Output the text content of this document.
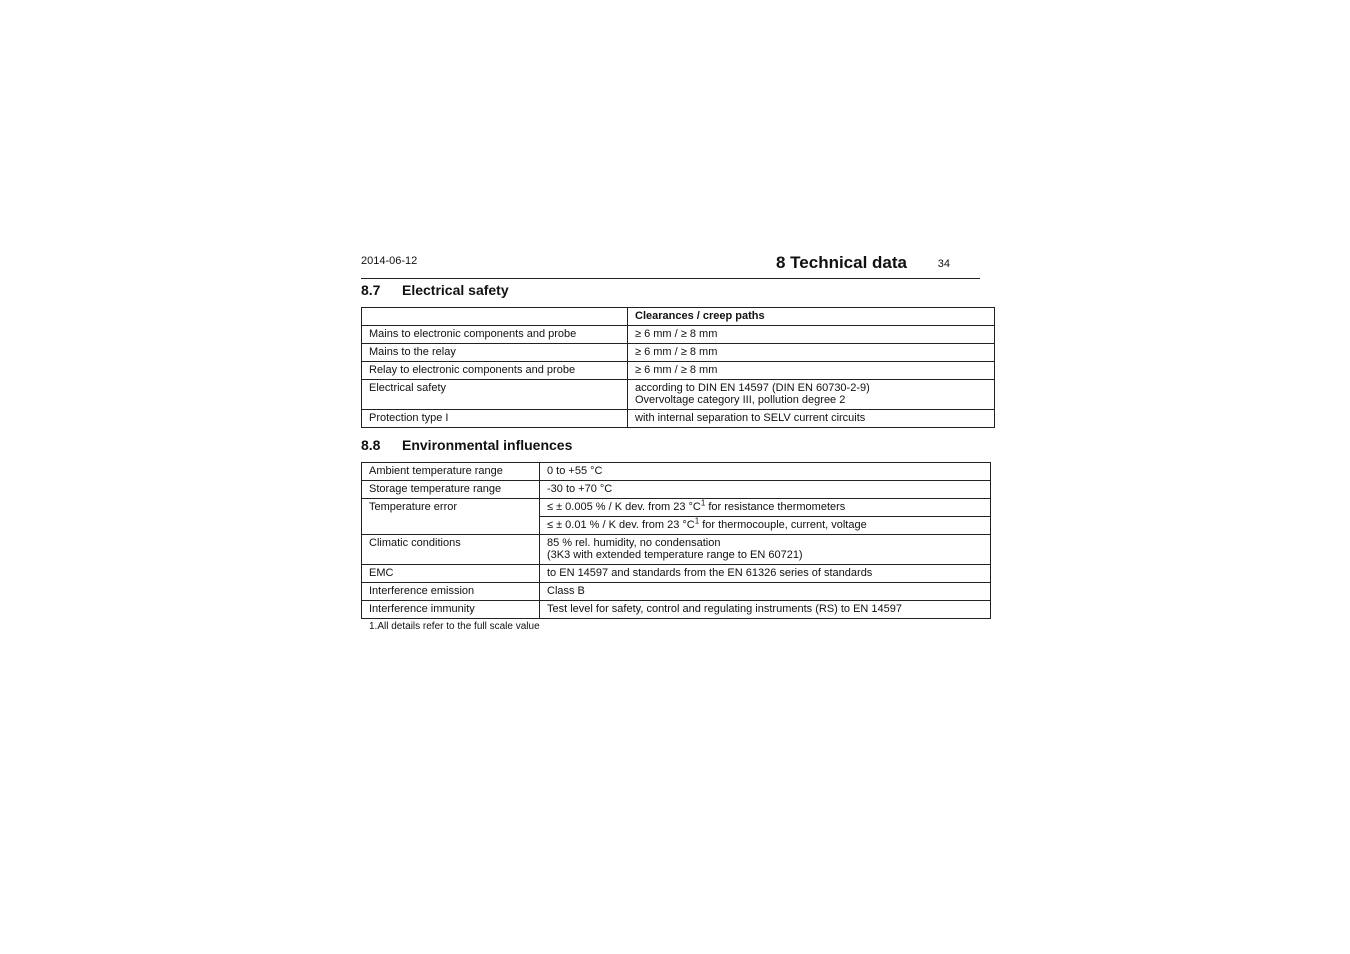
2014-06-12	8 Technical data	34
8.7	Electrical safety
	Clearances / creep paths
Mains to electronic components and probe	≥ 6 mm / ≥ 8 mm
Mains to the relay	≥ 6 mm / ≥ 8 mm
Relay to electronic components and probe	≥ 6 mm / ≥ 8 mm
Electrical safety	according to DIN EN 14597 (DIN EN 60730-2-9)
Overvoltage category III, pollution degree 2

Protection type I	with internal separation to SELV current circuits
8.8	Environmental influences
Ambient temperature range	0 to +55 °C
Storage temperature range	-30 to +70 °C
Temperature error	≤ ± 0.005 % / K dev. from 23 $^\circ C^1$ for resistance thermometers
	≤ ± 0.01 % / K dev. from 23 $^\circ C^1$ for thermocouple, current, voltage
Climatic conditions	85 % rel. humidity, no condensation
(3K3 with extended temperature range to EN 60721)

EMC	to EN 14597 and standards from the EN 61326 series of standards
Interference emission	Class B
Interference immunity	Test level for safety, control and regulating instruments (RS) to EN 14597
1.All details refer to the full scale value
